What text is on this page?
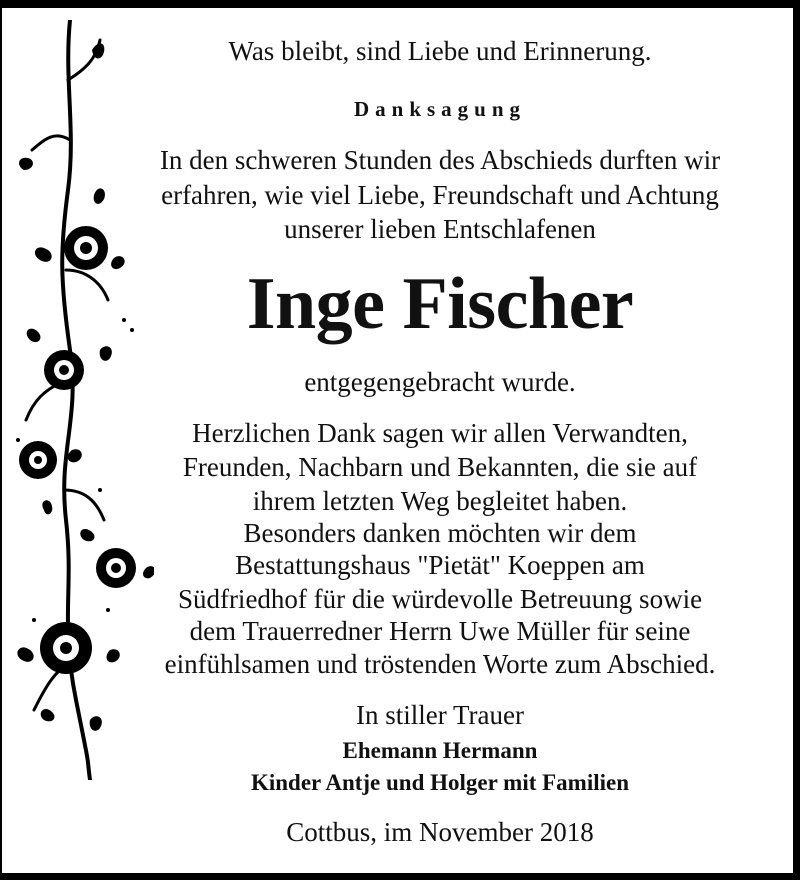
Was bleibt, sind Liebe und Erinnerung.
Danksagung
In den schweren Stunden des Abschieds durften wir
erfahren, wie viel Liebe, Freundschaft und Achtung
unserer lieben Entschlafenen
Inge Fischer
entgegengebracht wurde.
Herzlichen Dank sagen wir allen Verwandten,
Freunden, Nachbarn und Bekannten, die sie auf
ihrem letzten Weg begleitet haben.
Besonders danken möchten wir dem
Bestattungshaus "Pietät" Koeppen am
Südfriedhof für die würdevolle Betreuung sowie
dem Trauerredner Herrn Uwe Müller für seine
einfühlsamen und tröstenden Worte zum Abschied.
In stiller Trauer
Ehemann Hermann
Kinder Antje und Holger mit Familien
Cottbus, im November 2018
